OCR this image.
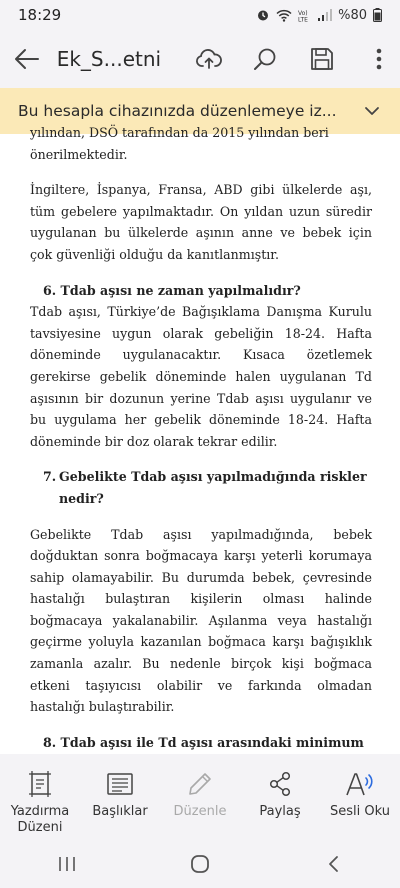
18:29	Vo)
LTE %80
Ek_S...etni
Bu hesapla cihazınızda düzenlemeye iz...
yılından, DSÖ tarafından da 2015 yılından beri
önerilmektedir.
İngiltere, İspanya, Fransa, ABD gibi ülkelerde aşı, tüm gebelere yapılmaktadır. On yıldan uzun süredir uygulanan bu ülkelerde aşının anne ve bebek için çok güvenliği olduğu da kanıtlanmıştır.
6. Tdab aşısı ne zaman yapılmalıdır?
Tdab aşısı, Türkiye’de Bağışıklama Danışma Kurulu tavsiyesine uygun olarak gebeliğin 18-24. Hafta döneminde uygulanacaktır. Kısaca özetlemek gerekirse gebelik döneminde halen uygulanan Td aşısının bir dozunun yerine Tdab aşısı uygulanır ve bu uygulama her gebelik döneminde 18-24. Hafta döneminde bir doz olarak tekrar edilir.
7. Gebelikte Tdab aşısı yapılmadığında riskler
nedir?
Gebelikte Tdab aşısı yapılmadığında, bebek doğduktan sonra boğmacaya karşı yeterli korumaya sahip olamayabilir. Bu durumda bebek, çevresinde hastalığı bulaştıran kişilerin olması halinde boğmacaya yakalanabilir. Aşılanma veya hastalığı geçirme yoluyla kazanılan boğmaca karşı bağışıklık zamanla azalır. Bu nedenle birçok kişi boğmaca etkeni taşıyıcısı olabilir ve farkında olmadan hastalığı bulaştırabilir.
8. Tdab aşısı ile Td aşısı arasındaki minimum
Yazdırma Düzeni
Başlıklar Düzenle	Paylaş Sesli Oku
